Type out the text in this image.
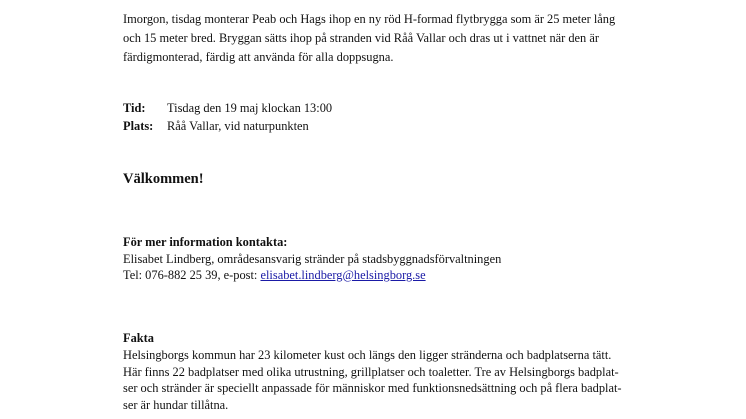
Imorgon, tisdag monterar Peab och Hags ihop en ny röd H-formad flytbrygga som är 25 meter lång
och 15 meter bred. Bryggan sätts ihop på stranden vid Råå Vallar och dras ut i vattnet när den är
färdigmonterad, färdig att använda för alla doppsugna.

Tid: Tisdag den 19 maj klockan 13:00
Plats: Råå Vallar, vid naturpunkten

Välkommen!

För mer information kontakta:
Elisabet Lindberg, områdesansvarig stränder på stadsbyggnadsförvaltningen
Tel: 076-882 25 39, e-post: elisabet.lindberg@helsingborg.se
Fakta
Helsingborgs kommun har 23 kilometer kust och längs den ligger stränderna och badplatserna tätt.
Här finns 22 badplatser med olika utrustning, grillplatser och toaletter. Tre av Helsingborgs badplat-
ser och stränder är speciellt anpassade för människor med funktionsnedsättning och på flera badplat-
ser är hundar tillåtna.
